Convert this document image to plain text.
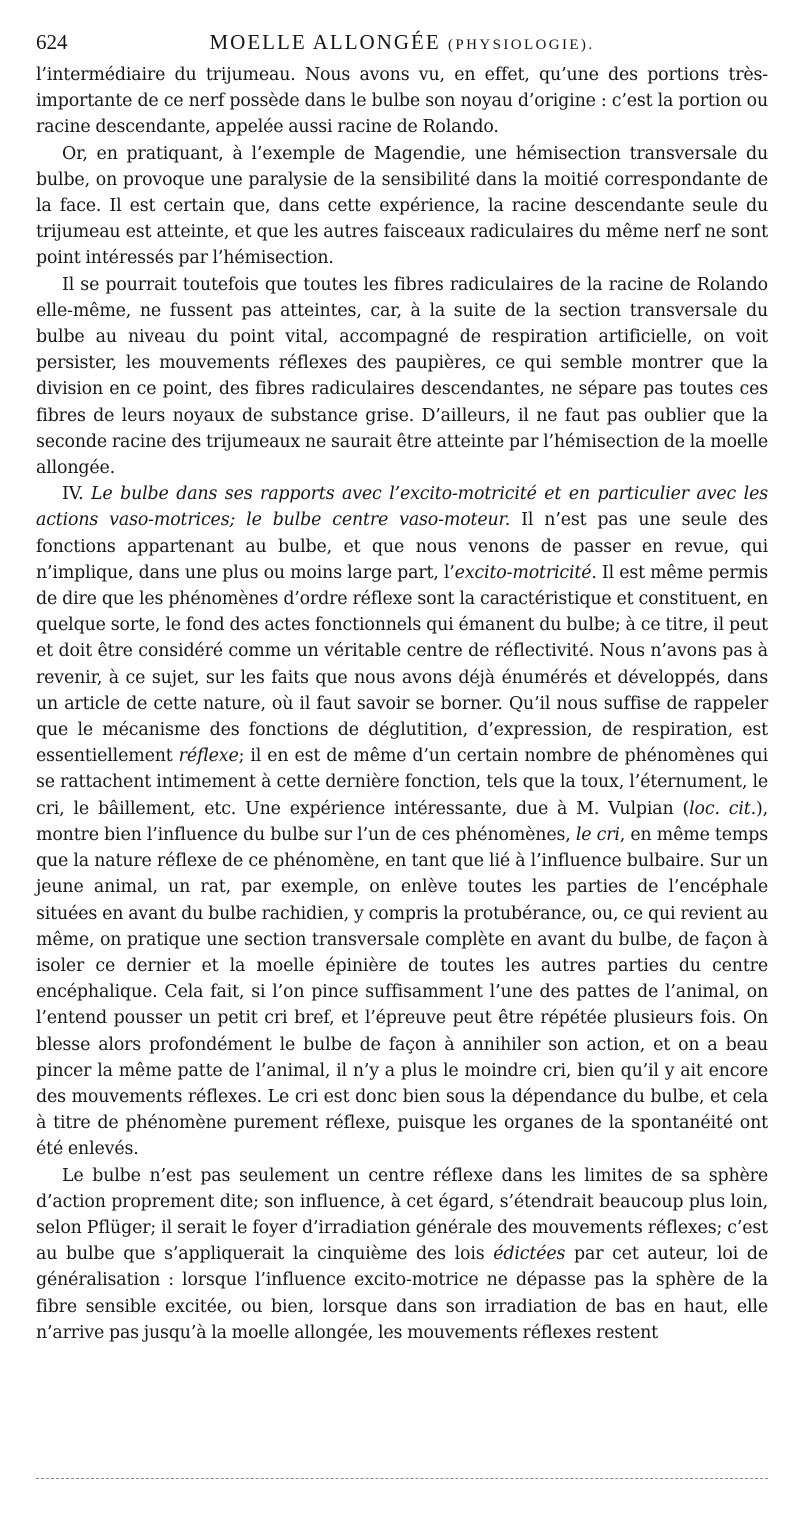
624	MOELLE ALLONGÉE (PHYSIOLOGIE).

l’intermédiaire du trijumeau. Nous avons vu, en effet, qu’une des portions très-importante de ce nerf possède dans le bulbe son noyau d’origine : c’est la portion ou racine descendante, appelée aussi racine de Rolando.

Or, en pratiquant, à l’exemple de Magendie, une hémisection transversale du bulbe, on provoque une paralysie de la sensibilité dans la moitié correspondante de la face. Il est certain que, dans cette expérience, la racine descendante seule du trijumeau est atteinte, et que les autres faisceaux radiculaires du même nerf ne sont point intéressés par l’hémisection.

Il se pourrait toutefois que toutes les fibres radiculaires de la racine de Rolando elle-même, ne fussent pas atteintes, car, à la suite de la section transversale du bulbe au niveau du point vital, accompagné de respiration artificielle, on voit persister, les mouvements réflexes des paupières, ce qui semble montrer que la division en ce point, des fibres radiculaires descendantes, ne sépare pas toutes ces fibres de leurs noyaux de substance grise. D’ailleurs, il ne faut pas oublier que la seconde racine des trijumeaux ne saurait être atteinte par l’hémisection de la moelle allongée.

IV. Le bulbe dans ses rapports avec l’excito-motricité et en particulier avec les actions vaso-motrices; le bulbe centre vaso-moteur. Il n’est pas une seule des fonctions appartenant au bulbe, et que nous venons de passer en revue, qui n’implique, dans une plus ou moins large part, l’excito-motricité. Il est même permis de dire que les phénomènes d’ordre réflexe sont la caractéristique et constituent, en quelque sorte, le fond des actes fonctionnels qui émanent du bulbe; à ce titre, il peut et doit être considéré comme un véritable centre de réflectivité. Nous n’avons pas à revenir, à ce sujet, sur les faits que nous avons déjà énumérés et développés, dans un article de cette nature, où il faut savoir se borner. Qu’il nous suffise de rappeler que le mécanisme des fonctions de déglutition, d’expression, de respiration, est essentiellement réflexe; il en est de même d’un certain nombre de phénomènes qui se rattachent intimement à cette dernière fonction, tels que la toux, l’éternument, le cri, le bâillement, etc. Une expérience intéressante, due à M. Vulpian (loc. cit.), montre bien l’influence du bulbe sur l’un de ces phénomènes, le cri, en même temps que la nature réflexe de ce phénomène, en tant que lié à l’influence bulbaire. Sur un jeune animal, un rat, par exemple, on enlève toutes les parties de l’encéphale situées en avant du bulbe rachidien, y compris la protubérance, ou, ce qui revient au même, on pratique une section transversale complète en avant du bulbe, de façon à isoler ce dernier et la moelle épinière de toutes les autres parties du centre encéphalique. Cela fait, si l’on pince suffisamment l’une des pattes de l’animal, on l’entend pousser un petit cri bref, et l’épreuve peut être répétée plusieurs fois. On blesse alors profondément le bulbe de façon à annihiler son action, et on a beau pincer la même patte de l’animal, il n’y a plus le moindre cri, bien qu’il y ait encore des mouvements réflexes. Le cri est donc bien sous la dépendance du bulbe, et cela à titre de phénomène purement réflexe, puisque les organes de la spontanéité ont été enlevés.

Le bulbe n’est pas seulement un centre réflexe dans les limites de sa sphère d’action proprement dite; son influence, à cet égard, s’étendrait beaucoup plus loin, selon Pflüger; il serait le foyer d’irradiation générale des mouvements réflexes; c’est au bulbe que s’appliquerait la cinquième des lois édictées par cet auteur, loi de généralisation : lorsque l’influence excito-motrice ne dépasse pas la sphère de la fibre sensible excitée, ou bien, lorsque dans son irradiation de bas en haut, elle n’arrive pas jusqu’à la moelle allongée, les mouvements réflexes restent
